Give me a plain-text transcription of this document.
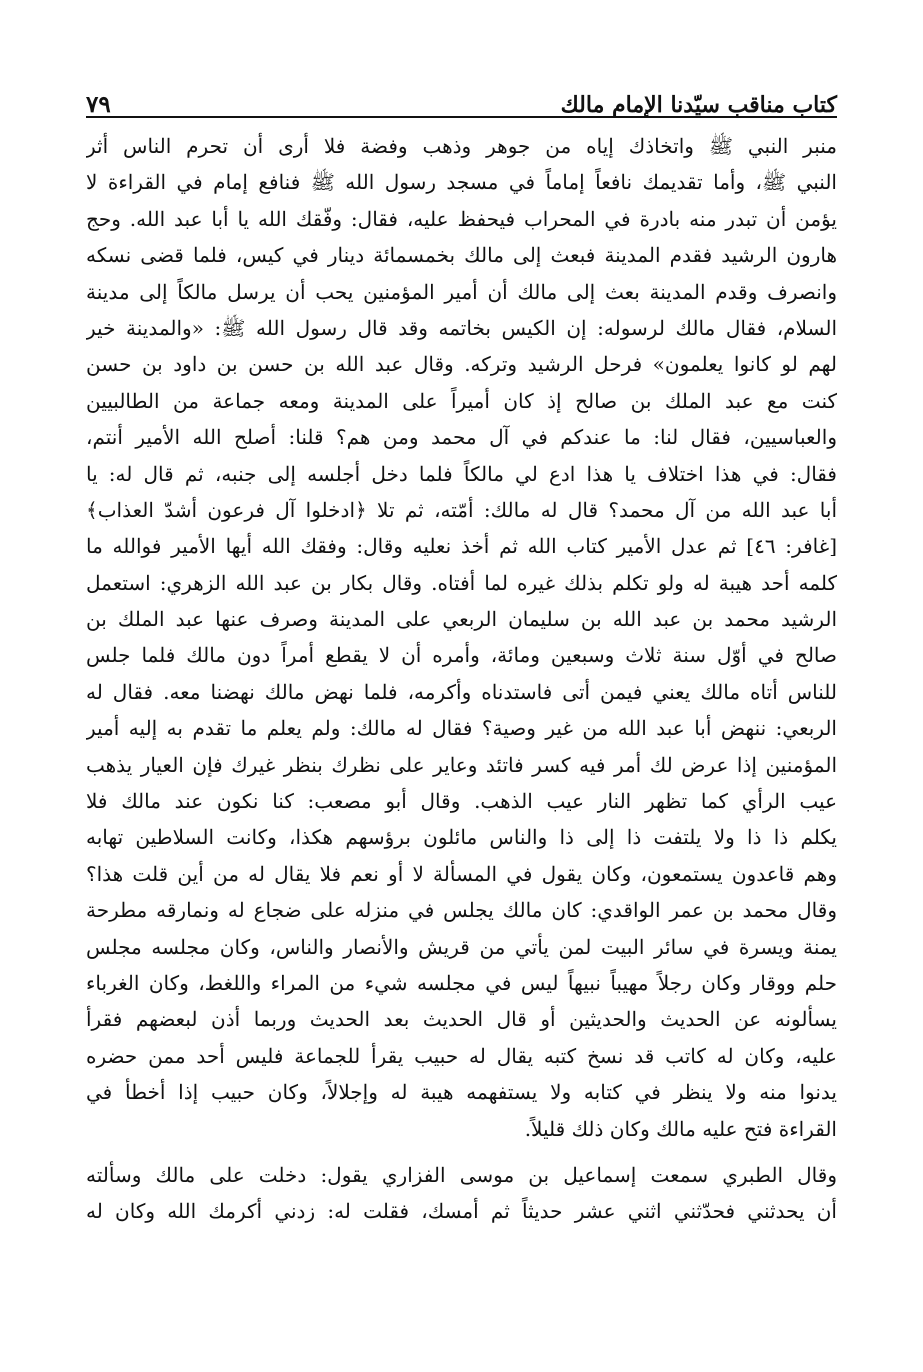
كتاب مناقب سيّدنا الإمام مالك
٧٩
منبر النبي ﷺ واتخاذك إياه من جوهر وذهب وفضة فلا أرى أن تحرم الناس أثر
النبي ﷺ، وأما تقديمك نافعاً إماماً في مسجد رسول الله ﷺ فنافع إمام في القراءة لا
يؤمن أن تبدر منه بادرة في المحراب فيحفظ عليه، فقال: وفّقك الله يا أبا عبد الله. وحج
هارون الرشيد فقدم المدينة فبعث إلى مالك بخمسمائة دينار في كيس، فلما قضى نسكه
وانصرف وقدم المدينة بعث إلى مالك أن أمير المؤمنين يحب أن يرسل مالكاً إلى مدينة
السلام، فقال مالك لرسوله: إن الكيس بخاتمه وقد قال رسول الله ﷺ: «والمدينة خير
لهم لو كانوا يعلمون» فرحل الرشيد وتركه. وقال عبد الله بن حسن بن داود بن حسن
كنت مع عبد الملك بن صالح إذ كان أميراً على المدينة ومعه جماعة من الطالبيين
والعباسيين، فقال لنا: ما عندكم في آل محمد ومن هم؟ قلنا: أصلح الله الأمير أنتم،
فقال: في هذا اختلاف يا هذا ادع لي مالكاً فلما دخل أجلسه إلى جنبه، ثم قال له: يا
أبا عبد الله من آل محمد؟ قال له مالك: أمّته، ثم تلا ﴿ادخلوا آل فرعون أشدّ العذاب﴾
[غافر: ٤٦] ثم عدل الأمير كتاب الله ثم أخذ نعليه وقال: وفقك الله أيها الأمير فوالله ما
كلمه أحد هيبة له ولو تكلم بذلك غيره لما أفتاه. وقال بكار بن عبد الله الزهري: استعمل
الرشيد محمد بن عبد الله بن سليمان الربعي على المدينة وصرف عنها عبد الملك بن
صالح في أوّل سنة ثلاث وسبعين ومائة، وأمره أن لا يقطع أمراً دون مالك فلما جلس
للناس أتاه مالك يعني فيمن أتى فاستدناه وأكرمه، فلما نهض مالك نهضنا معه. فقال له
الربعي: ننهض أبا عبد الله من غير وصية؟ فقال له مالك: ولم يعلم ما تقدم به إليه أمير
المؤمنين إذا عرض لك أمر فيه كسر فاتئد وعاير على نظرك بنظر غيرك فإن العيار يذهب
عيب الرأي كما تظهر النار عيب الذهب. وقال أبو مصعب: كنا نكون عند مالك فلا
يكلم ذا ذا ولا يلتفت ذا إلى ذا والناس مائلون برؤسهم هكذا، وكانت السلاطين تهابه
وهم قاعدون يستمعون، وكان يقول في المسألة لا أو نعم فلا يقال له من أين قلت هذا؟
وقال محمد بن عمر الواقدي: كان مالك يجلس في منزله على ضجاع له ونمارقه مطرحة
يمنة ويسرة في سائر البيت لمن يأتي من قريش والأنصار والناس، وكان مجلسه مجلس
حلم ووقار وكان رجلاً مهيباً نبيهاً ليس في مجلسه شيء من المراء واللغط، وكان الغرباء
يسألونه عن الحديث والحديثين أو قال الحديث بعد الحديث وربما أذن لبعضهم فقرأ
عليه، وكان له كاتب قد نسخ كتبه يقال له حبيب يقرأ للجماعة فليس أحد ممن حضره
يدنوا منه ولا ينظر في كتابه ولا يستفهمه هيبة له وإجلالاً، وكان حبيب إذا أخطأ في
القراءة فتح عليه مالك وكان ذلك قليلاً.
وقال الطبري سمعت إسماعيل بن موسى الفزاري يقول: دخلت على مالك وسألته
أن يحدثني فحدّثني اثني عشر حديثاً ثم أمسك، فقلت له: زدني أكرمك الله وكان له
